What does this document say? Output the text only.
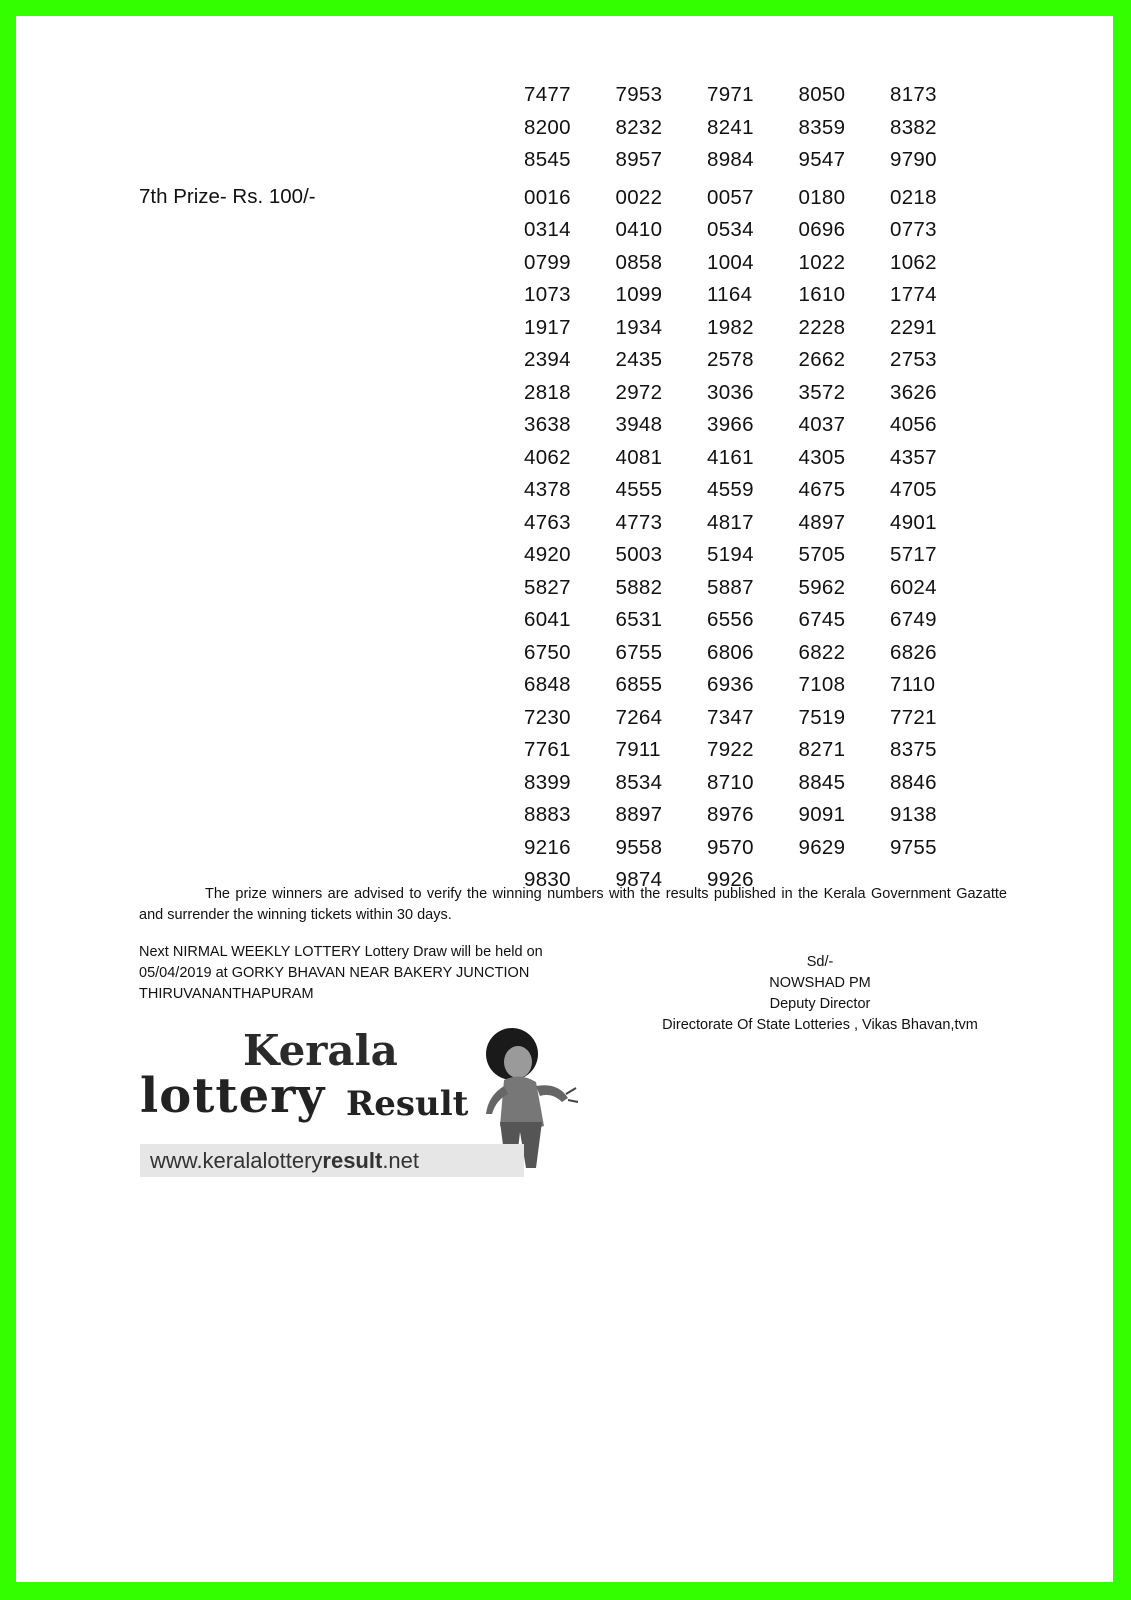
7477	7953	7971	8050	8173
8200	8232	8241	8359	8382
8545	8957	8984	9547	9790
0016	0022	0057	0180	0218
0314	0410	0534	0696	0773
0799	0858	1004	1022	1062
1073	1099	1164	1610	1774
1917	1934	1982	2228	2291
2394	2435	2578	2662	2753
2818	2972	3036	3572	3626
3638	3948	3966	4037	4056
4062	4081	4161	4305	4357
4378	4555	4559	4675	4705
4763	4773	4817	4897	4901
4920	5003	5194	5705	5717
5827	5882	5887	5962	6024
6041	6531	6556	6745	6749
6750	6755	6806	6822	6826
6848	6855	6936	7108	7110
7230	7264	7347	7519	7721
7761	7911	7922	8271	8375
8399	8534	8710	8845	8846
8883	8897	8976	9091	9138
9216	9558	9570	9629	9755
9830	9874	9926
7th Prize- Rs. 100/-

The prize winners are advised to verify the winning numbers with the results published in the Kerala Government Gazatte and surrender the winning tickets within 30 days.

Next NIRMAL WEEKLY LOTTERY Lottery Draw will be held on
05/04/2019 at GORKY BHAVAN NEAR BAKERY JUNCTION
THIRUVANANTHAPURAM
Sd/-
NOWSHAD PM
Deputy Director
Directorate Of State Lotteries , Vikas Bhavan,tvm
Kerala
lottery Result
www.keralalotteryresult.net
